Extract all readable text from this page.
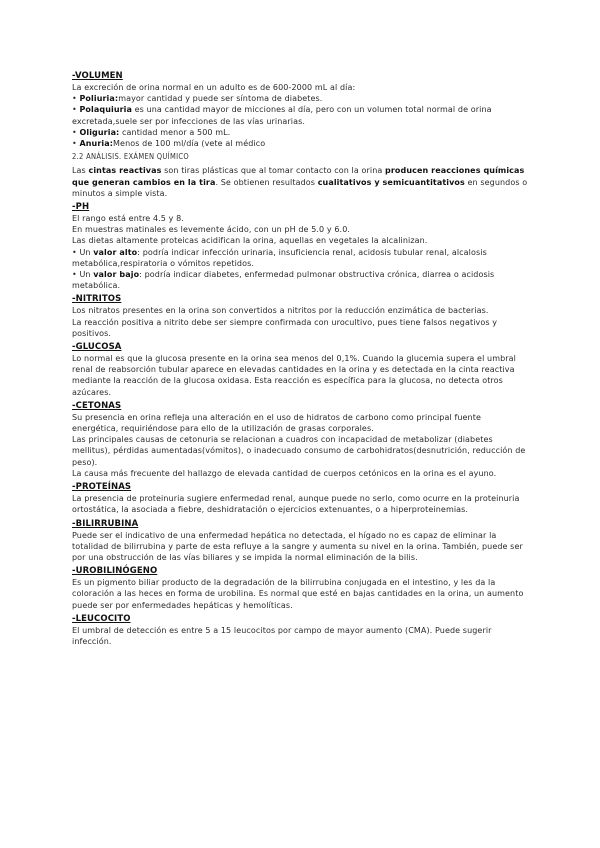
-VOLUMEN

La excreción de orina normal en un adulto es de 600-2000 mL al día:

• Poliuria:mayor cantidad y puede ser síntoma de diabetes.

• Polaquiuria es una cantidad mayor de micciones al día, pero con un volumen total normal de orina excretada,suele ser por infecciones de las vías urinarias.

• Oliguria: cantidad menor a 500 mL.

• Anuria:Menos de 100 ml/día (vete al médico

2.2 ANÁLISIS. EXÁMEN QUÍMICO

Las cintas reactivas son tiras plásticas que al tomar contacto con la orina producen reacciones químicas que generan cambios en la tira. Se obtienen resultados cualitativos y semicuantitativos en segundos o minutos a simple vista.

-PH

El rango está entre 4.5 y 8.

En muestras matinales es levemente ácido, con un pH de 5.0 y 6.0.

Las dietas altamente proteicas acidifican la orina, aquellas en vegetales la alcalinizan.

• Un valor alto: podría indicar infección urinaria, insuficiencia renal, acidosis tubular renal, alcalosis metabólica,respiratoria o vómitos repetidos.

• Un valor bajo: podría indicar diabetes, enfermedad pulmonar obstructiva crónica, diarrea o acidosis metabólica.

-NITRITOS

Los nitratos presentes en la orina son convertidos a nitritos por la reducción enzimática de bacterias.

La reacción positiva a nitrito debe ser siempre confirmada con urocultivo, pues tiene falsos negativos y positivos.

-GLUCOSA

Lo normal es que la glucosa presente en la orina sea menos del 0,1%. Cuando la glucemia supera el umbral renal de reabsorción tubular aparece en elevadas cantidades en la orina y es detectada en la cinta reactiva mediante la reacción de la glucosa oxidasa. Esta reacción es específica para la glucosa, no detecta otros azúcares.

-CETONAS

Su presencia en orina refleja una alteración en el uso de hidratos de carbono como principal fuente energética, requiriéndose para ello de la utilización de grasas corporales.

Las principales causas de cetonuria se relacionan a cuadros con incapacidad de metabolizar (diabetes mellitus), pérdidas aumentadas(vómitos), o inadecuado consumo de carbohidratos(desnutrición, reducción de peso).

La causa más frecuente del hallazgo de elevada cantidad de cuerpos cetónicos en la orina es el ayuno.

-PROTEÍNAS

La presencia de proteinuria sugiere enfermedad renal, aunque puede no serlo, como ocurre en la proteinuria ortostática, la asociada a fiebre, deshidratación o ejercicios extenuantes, o a hiperproteinemias.

-BILIRRUBINA

Puede ser el indicativo de una enfermedad hepática no detectada, el hígado no es capaz de eliminar la totalidad de bilirrubina y parte de esta refluye a la sangre y aumenta su nivel en la orina. También, puede ser por una obstrucción de las vías biliares y se impida la normal eliminación de la bilis.

-UROBILINÓGENO

Es un pigmento biliar producto de la degradación de la bilirrubina conjugada en el intestino, y les da la coloración a las heces en forma de urobilina. Es normal que esté en bajas cantidades en la orina, un aumento puede ser por enfermedades hepáticas y hemolíticas.

-LEUCOCITO

El umbral de detección es entre 5 a 15 leucocitos por campo de mayor aumento (CMA). Puede sugerir infección.
